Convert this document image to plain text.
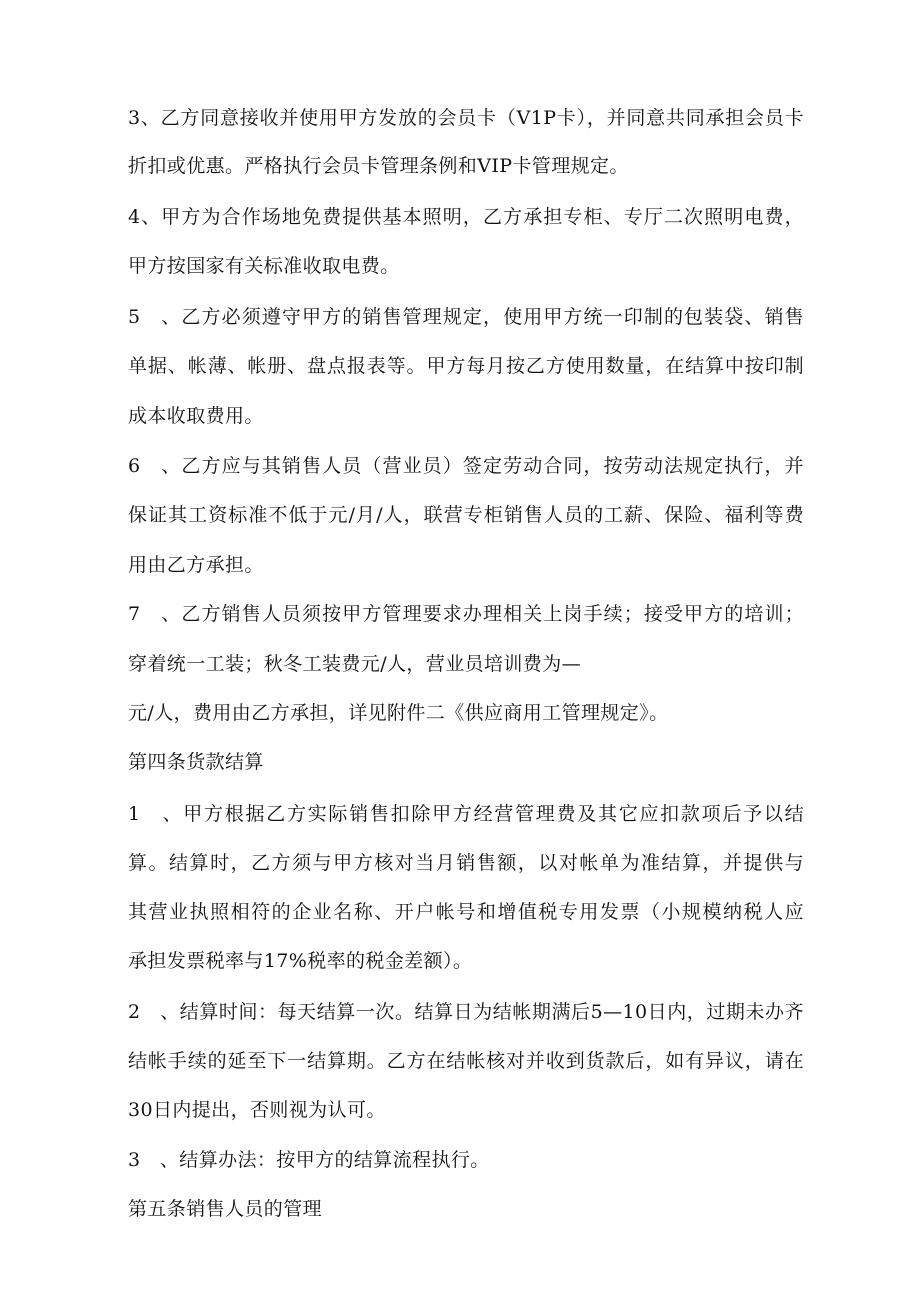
3、乙方同意接收并使用甲方发放的会员卡（V1P卡），并同意共同承担会员卡
折扣或优惠。严格执行会员卡管理条例和VIP卡管理规定。
4、甲方为合作场地免费提供基本照明，乙方承担专柜、专厅二次照明电费，
甲方按国家有关标准收取电费。
5　、乙方必须遵守甲方的销售管理规定，使用甲方统一印制的包装袋、销售
单据、帐薄、帐册、盘点报表等。甲方每月按乙方使用数量，在结算中按印制
成本收取费用。
6　、乙方应与其销售人员（营业员）签定劳动合同，按劳动法规定执行，并
保证其工资标准不低于元/月/人，联营专柜销售人员的工薪、保险、福利等费
用由乙方承担。
7　、乙方销售人员须按甲方管理要求办理相关上岗手续；接受甲方的培训；
穿着统一工装；秋冬工装费元/人，营业员培训费为—
元/人，费用由乙方承担，详见附件二《供应商用工管理规定》。
第四条货款结算
1　、甲方根据乙方实际销售扣除甲方经营管理费及其它应扣款项后予以结
算。结算时，乙方须与甲方核对当月销售额，以对帐单为准结算，并提供与
其营业执照相符的企业名称、开户帐号和增值税专用发票（小规模纳税人应
承担发票税率与17%税率的税金差额）。
2　、结算时间：每天结算一次。结算日为结帐期满后5—10日内，过期未办齐
结帐手续的延至下一结算期。乙方在结帐核对并收到货款后，如有异议，请在
30日内提出，否则视为认可。
3　、结算办法：按甲方的结算流程执行。
第五条销售人员的管理
